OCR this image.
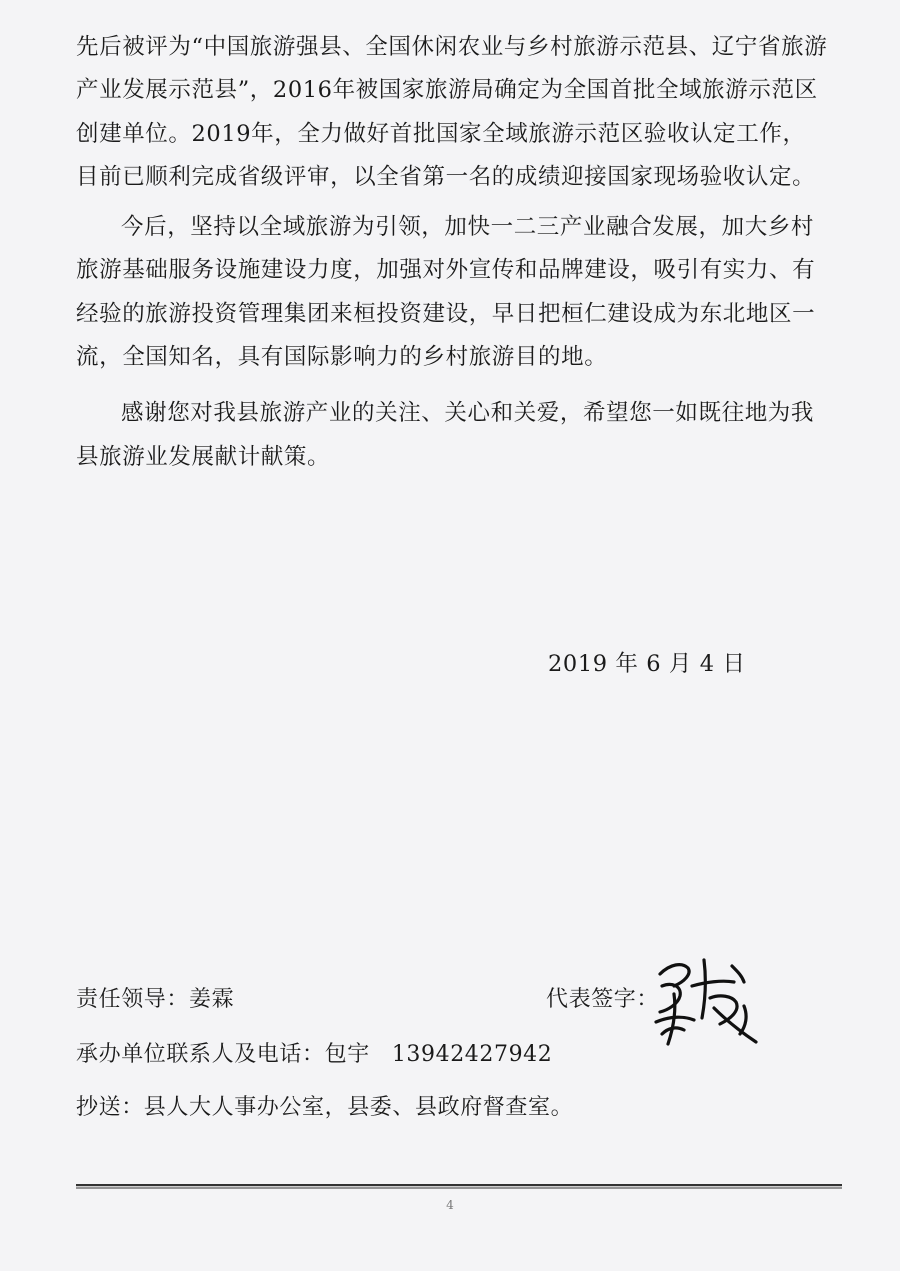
先后被评为“中国旅游强县、全国休闲农业与乡村旅游示范县、辽宁省旅游产业发展示范县”，2016年被国家旅游局确定为全国首批全域旅游示范区创建单位。2019年，全力做好首批国家全域旅游示范区验收认定工作，目前已顺利完成省级评审，以全省第一名的成绩迎接国家现场验收认定。

今后，坚持以全域旅游为引领，加快一二三产业融合发展，加大乡村旅游基础服务设施建设力度，加强对外宣传和品牌建设，吸引有实力、有经验的旅游投资管理集团来桓投资建设，早日把桓仁建设成为东北地区一流，全国知名，具有国际影响力的乡村旅游目的地。

感谢您对我县旅游产业的关注、关心和关爱，希望您一如既往地为我县旅游业发展献计献策。

2019 年 6 月 4 日
责任领导：姜霖	代表签字：
承办单位联系人及电话：包宇 13942427942
抄送：县人大人事办公室，县委、县政府督查室。
4
